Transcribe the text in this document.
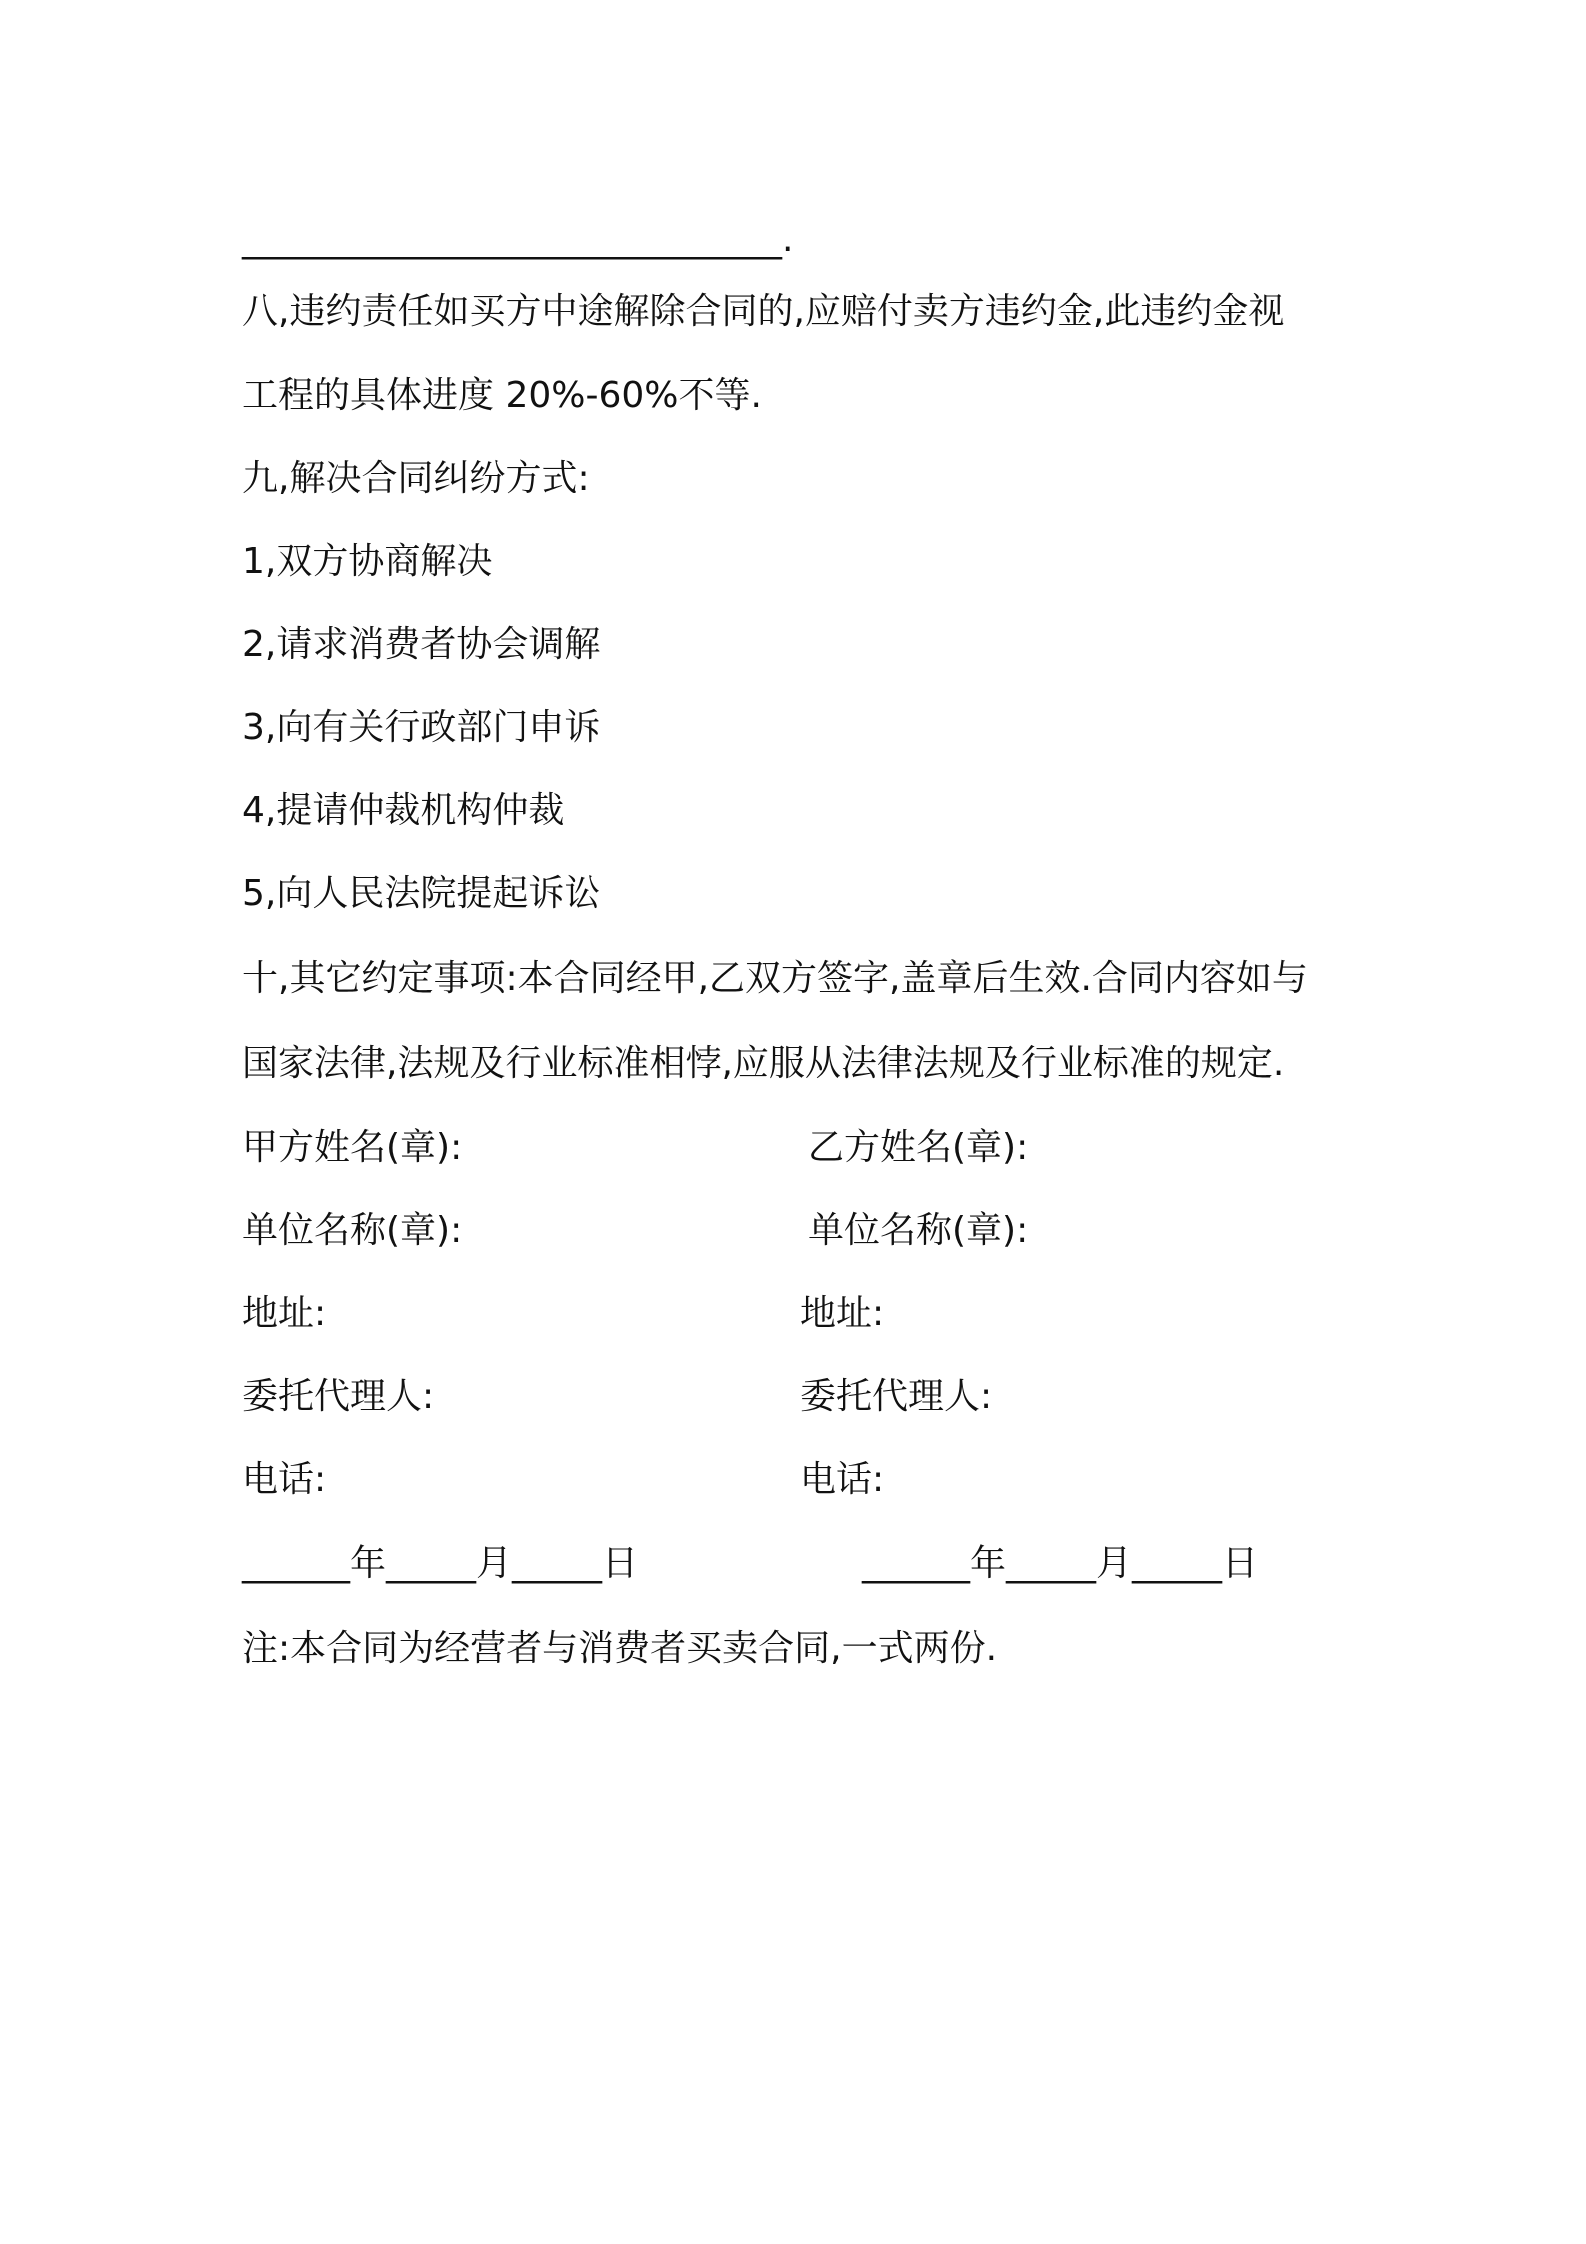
______________________________.
八,违约责任如买方中途解除合同的,应赔付卖方违约金,此违约金视
工程的具体进度 20%-60%不等.
九,解决合同纠纷方式:
1,双方协商解决
2,请求消费者协会调解
3,向有关行政部门申诉
4,提请仲裁机构仲裁
5,向人民法院提起诉讼
十,其它约定事项:本合同经甲,乙双方签字,盖章后生效.合同内容如与
国家法律,法规及行业标准相悖,应服从法律法规及行业标准的规定.
甲方姓名(章):	乙方姓名(章):
单位名称(章):	单位名称(章):
地址:	地址:
委托代理人:	委托代理人:
电话:	电话:
______年_____月_____日	______年_____月_____日
注:本合同为经营者与消费者买卖合同,一式两份.
